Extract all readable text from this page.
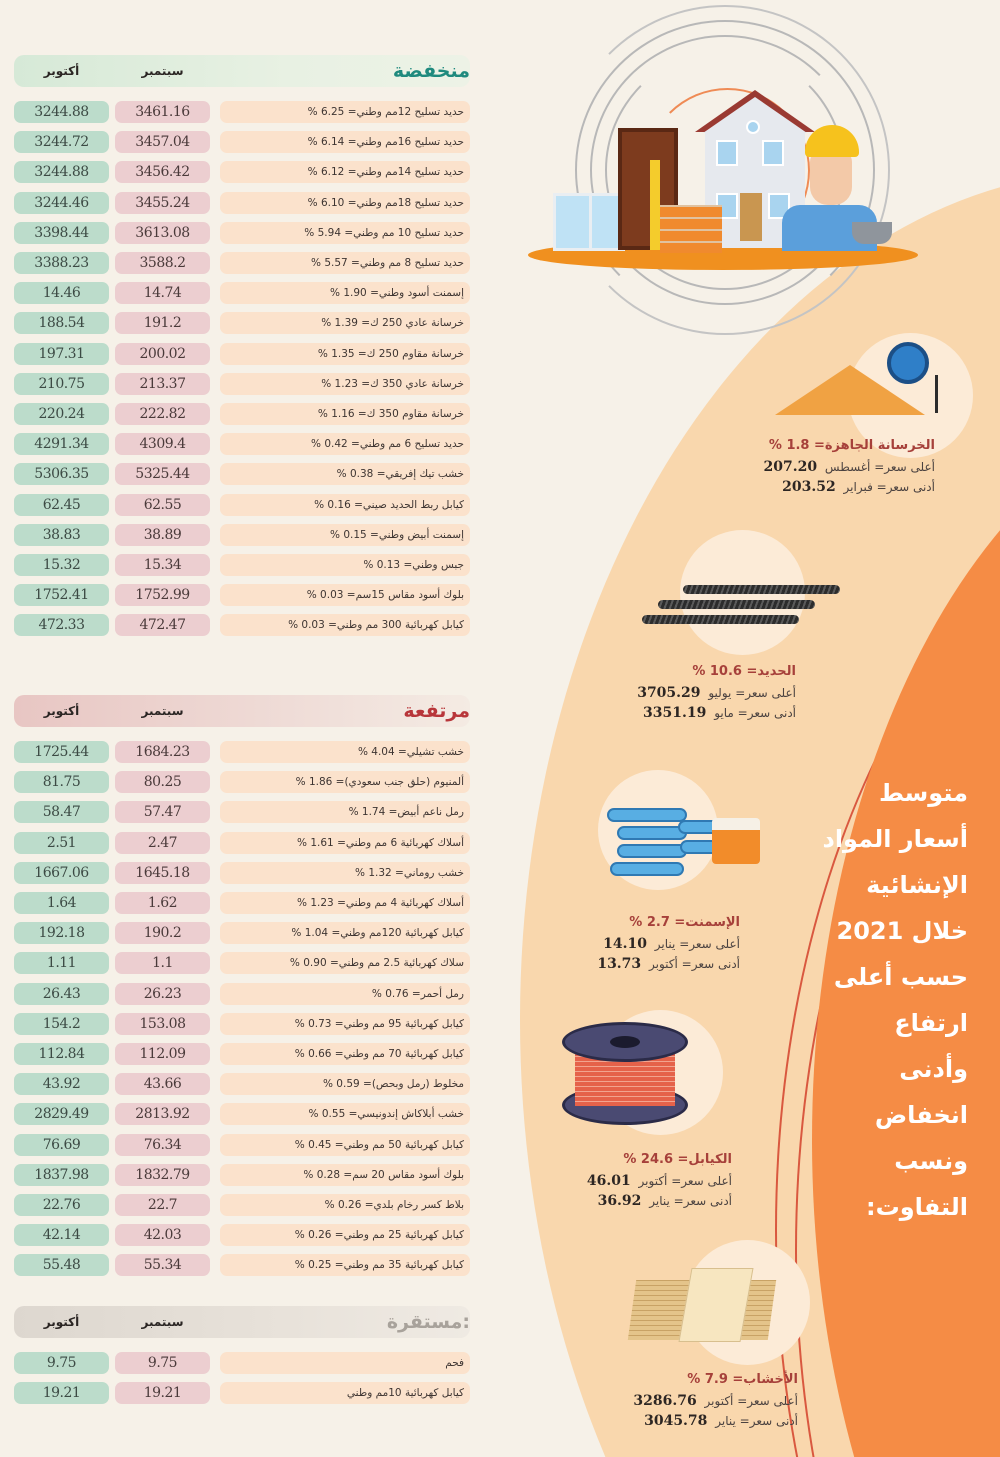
الخرسانة الجاهزة= 1.8 %
أعلى سعر= أغسطس 207.20
أدنى سعر= فبراير 203.52
الحديد= 10.6 %
أعلى سعر= يوليو 3705.29
أدنى سعر= مايو 3351.19
الإسمنت= 2.7 %
أعلى سعر= يناير 14.10
أدنى سعر= أكتوبر 13.73
الكيابل= 24.6 %
أعلى سعر= أكتوبر 46.01
أدنى سعر= يناير 36.92
الأخشاب= 7.9 %
أعلى سعر= أكتوبر 3286.76
أدنى سعر= يناير 3045.78
متوسط
أسعار المواد
الإنشائية
خلال 2021
حسب أعلى
ارتفاع
وأدنى
انخفاض
ونسب
التفاوت:
أكتوبر	سبتمبر	منخفضة
3244.88	3461.16	حديد تسليح 12مم وطني= 6.25 %
3244.72	3457.04	حديد تسليح 16مم وطني= 6.14 %
3244.88	3456.42	حديد تسليح 14مم وطني= 6.12 %
3244.46	3455.24	حديد تسليح 18مم وطني= 6.10 %
3398.44	3613.08	حديد تسليح 10 مم وطني= 5.94 %
3388.23	3588.2	حديد تسليح 8 مم وطني= 5.57 %
14.46	14.74	إسمنت أسود وطني= 1.90 %
188.54	191.2	خرسانة عادي 250 ك= 1.39 %
197.31	200.02	خرسانة مقاوم 250 ك= 1.35 %
210.75	213.37	خرسانة عادي 350 ك= 1.23 %
220.24	222.82	خرسانة مقاوم 350 ك= 1.16 %
4291.34	4309.4	حديد تسليح 6 مم وطني= 0.42 %
5306.35	5325.44	خشب تيك إفريقي= 0.38 %
62.45	62.55	كيابل ربط الحديد صيني= 0.16 %
38.83	38.89	إسمنت أبيض وطني= 0.15 %
15.32	15.34	جبس وطني= 0.13 %
1752.41	1752.99	بلوك أسود مقاس 15سم= 0.03 %
472.33	472.47	كيابل كهربائية 300 مم وطني= 0.03 %
أكتوبر	سبتمبر	مرتفعة
1725.44	1684.23	خشب تشيلي= 4.04 %
81.75	80.25	ألمنيوم (حلق جنب سعودي)= 1.86 %
58.47	57.47	رمل ناعم أبيض= 1.74 %
2.51	2.47	أسلاك كهربائية 6 مم وطني= 1.61 %
1667.06	1645.18	خشب روماني= 1.32 %
1.64	1.62	أسلاك كهربائية 4 مم وطني= 1.23 %
192.18	190.2	كيابل كهربائية 120مم وطني= 1.04 %
1.11	1.1	سلاك كهربائية 2.5 مم وطني= 0.90 %
26.43	26.23	رمل أحمر= 0.76 %
154.2	153.08	كيابل كهربائية 95 مم وطني= 0.73 %
112.84	112.09	كيابل كهربائية 70 مم وطني= 0.66 %
43.92	43.66	مخلوط (رمل وبحص)= 0.59 %
2829.49	2813.92	خشب أبلاكاش إندونيسي= 0.55 %
76.69	76.34	كيابل كهربائية 50 مم وطني= 0.45 %
1837.98	1832.79	بلوك أسود مقاس 20 سم= 0.28 %
22.76	22.7	بلاط كسر رخام بلدي= 0.26 %
42.14	42.03	كيابل كهربائية 25 مم وطني= 0.26 %
55.48	55.34	كيابل كهربائية 35 مم وطني= 0.25 %
أكتوبر	سبتمبر	مستقرة:
9.75	9.75	فحم
19.21	19.21	كيابل كهربائية 10مم وطني
